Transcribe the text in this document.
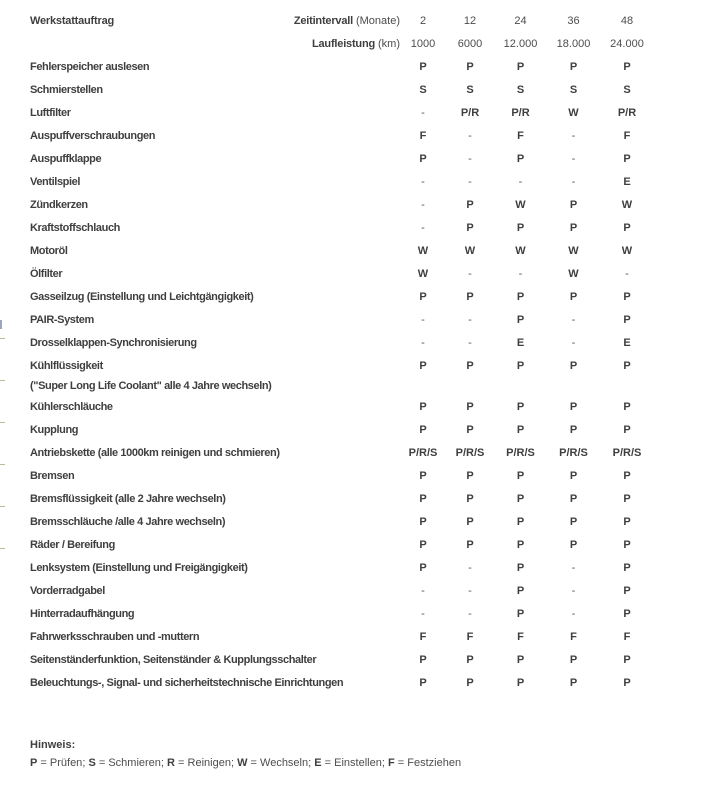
Werkstattauftrag	Zeitintervall (Monate)	2	12	24	36	48
	Laufleistung (km)	1000	6000	12.000	18.000	24.000

Fehlerspeicher auslesen		P	P	P	P	P

Schmierstellen		S	S	S	S	S

Luftfilter		-	P/R	P/R	W	P/R

Auspuffverschraubungen		F	-	F	-	F

Auspuffklappe		P	-	P	-	P

Ventilspiel		-	-	-	-	E

Zündkerzen		-	P	W	P	W

Kraftstoffschlauch		-	P	P	P	P

Motoröl		W	W	W	W	W

Ölfilter		W	-	-	W	-

Gasseilzug (Einstellung und Leichtgängigkeit)		P	P	P	P	P

PAIR-System		-	-	P	-	P

Drosselklappen-Synchronisierung		-	-	E	-	E

Kühlflüssigkeit
("Super Long Life Coolant" alle 4 Jahre wechseln)		P	P	P	P	P

Kühlerschläuche		P	P	P	P	P

Kupplung		P	P	P	P	P

Antriebskette (alle 1000km reinigen und schmieren)		P/R/S	P/R/S	P/R/S	P/R/S	P/R/S

Bremsen		P	P	P	P	P

Bremsflüssigkeit (alle 2 Jahre wechseln)		P	P	P	P	P

Bremsschläuche /alle 4 Jahre wechseln)		P	P	P	P	P

Räder / Bereifung		P	P	P	P	P

Lenksystem (Einstellung und Freigängigkeit)		P	-	P	-	P

Vorderradgabel		-	-	P	-	P

Hinterradaufhängung		-	-	P	-	P

Fahrwerksschrauben und -muttern		F	F	F	F	F

Seitenständerfunktion, Seitenständer & Kupplungsschalter		P	P	P	P	P

Beleuchtungs-, Signal- und sicherheitstechnische Einrichtungen		P	P	P	P	P
Hinweis:
P = Prüfen; S = Schmieren; R = Reinigen; W = Wechseln; E = Einstellen; F = Festziehen
